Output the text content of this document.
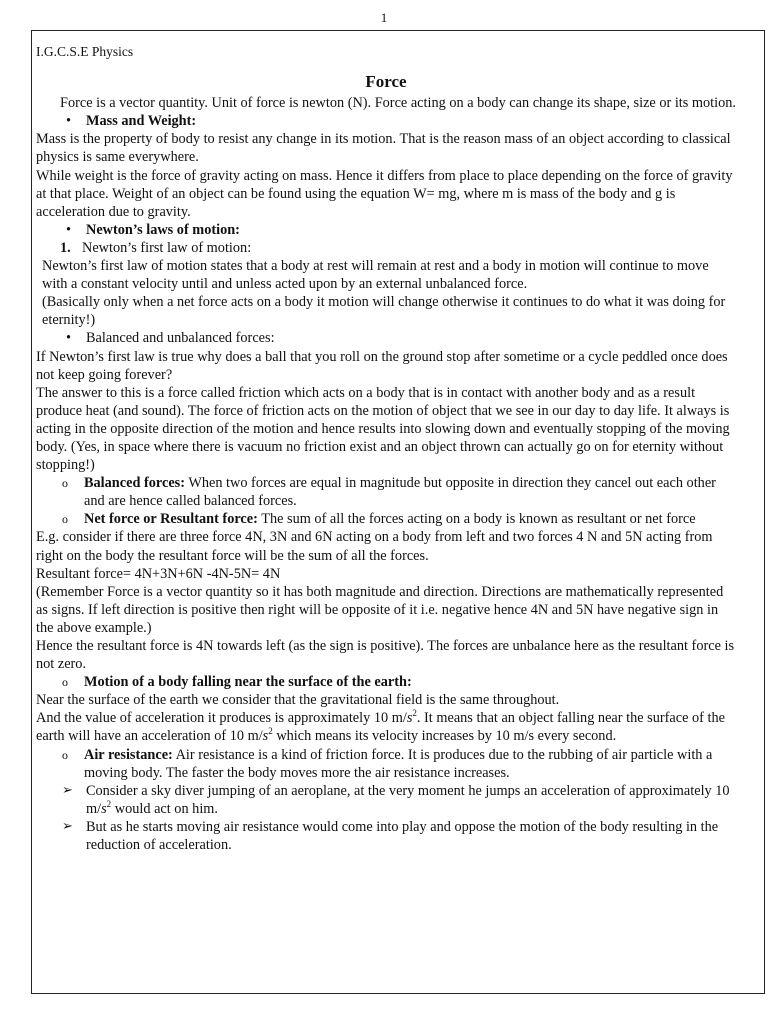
1

I.G.C.S.E Physics

Force

Force is a vector quantity. Unit of force is newton (N). Force acting on a body can change its shape, size or its motion.

• Mass and Weight:

Mass is the property of body to resist any change in its motion. That is the reason mass of an object according to classical physics is same everywhere.

While weight is the force of gravity acting on mass. Hence it differs from place to place depending on the force of gravity at that place. Weight of an object can be found using the equation W= mg, where m is mass of the body and g is acceleration due to gravity.

• Newton’s laws of motion:

1. Newton’s first law of motion:

Newton’s first law of motion states that a body at rest will remain at rest and a body in motion will continue to move with a constant velocity until and unless acted upon by an external unbalanced force.

(Basically only when a net force acts on a body it motion will change otherwise it continues to do what it was doing for eternity!)

• Balanced and unbalanced forces:

If Newton’s first law is true why does a ball that you roll on the ground stop after sometime or a cycle peddled once does not keep going forever?

The answer to this is a force called friction which acts on a body that is in contact with another body and as a result produce heat (and sound). The force of friction acts on the motion of object that we see in our day to day life. It always is acting in the opposite direction of the motion and hence results into slowing down and eventually stopping of the moving body. (Yes, in space where there is vacuum no friction exist and an object thrown can actually go on for eternity without stopping!)

o Balanced forces: When two forces are equal in magnitude but opposite in direction they cancel out each other and are hence called balanced forces.

o Net force or Resultant force: The sum of all the forces acting on a body is known as resultant or net force

E.g. consider if there are three force 4N, 3N and 6N acting on a body from left and two forces 4 N and 5N acting from right on the body the resultant force will be the sum of all the forces.

Resultant force= 4N+3N+6N -4N-5N= 4N

(Remember Force is a vector quantity so it has both magnitude and direction. Directions are mathematically represented as signs. If left direction is positive then right will be opposite of it i.e. negative hence 4N and 5N have negative sign in the above example.)

Hence the resultant force is 4N towards left (as the sign is positive). The forces are unbalance here as the resultant force is not zero.

o Motion of a body falling near the surface of the earth:

Near the surface of the earth we consider that the gravitational field is the same throughout.

And the value of acceleration it produces is approximately 10 $m/s^2$. It means that an object falling near the surface of the earth will have an acceleration of 10 $m/s^2$ which means its velocity increases by 10 m/s every second.

o Air resistance: Air resistance is a kind of friction force. It is produces due to the rubbing of air particle with a moving body. The faster the body moves more the air resistance increases.

➢ Consider a sky diver jumping of an aeroplane, at the very moment he jumps an acceleration of approximately 10 $m/s^2$ would act on him.

➢ But as he starts moving air resistance would come into play and oppose the motion of the body resulting in the reduction of acceleration.
